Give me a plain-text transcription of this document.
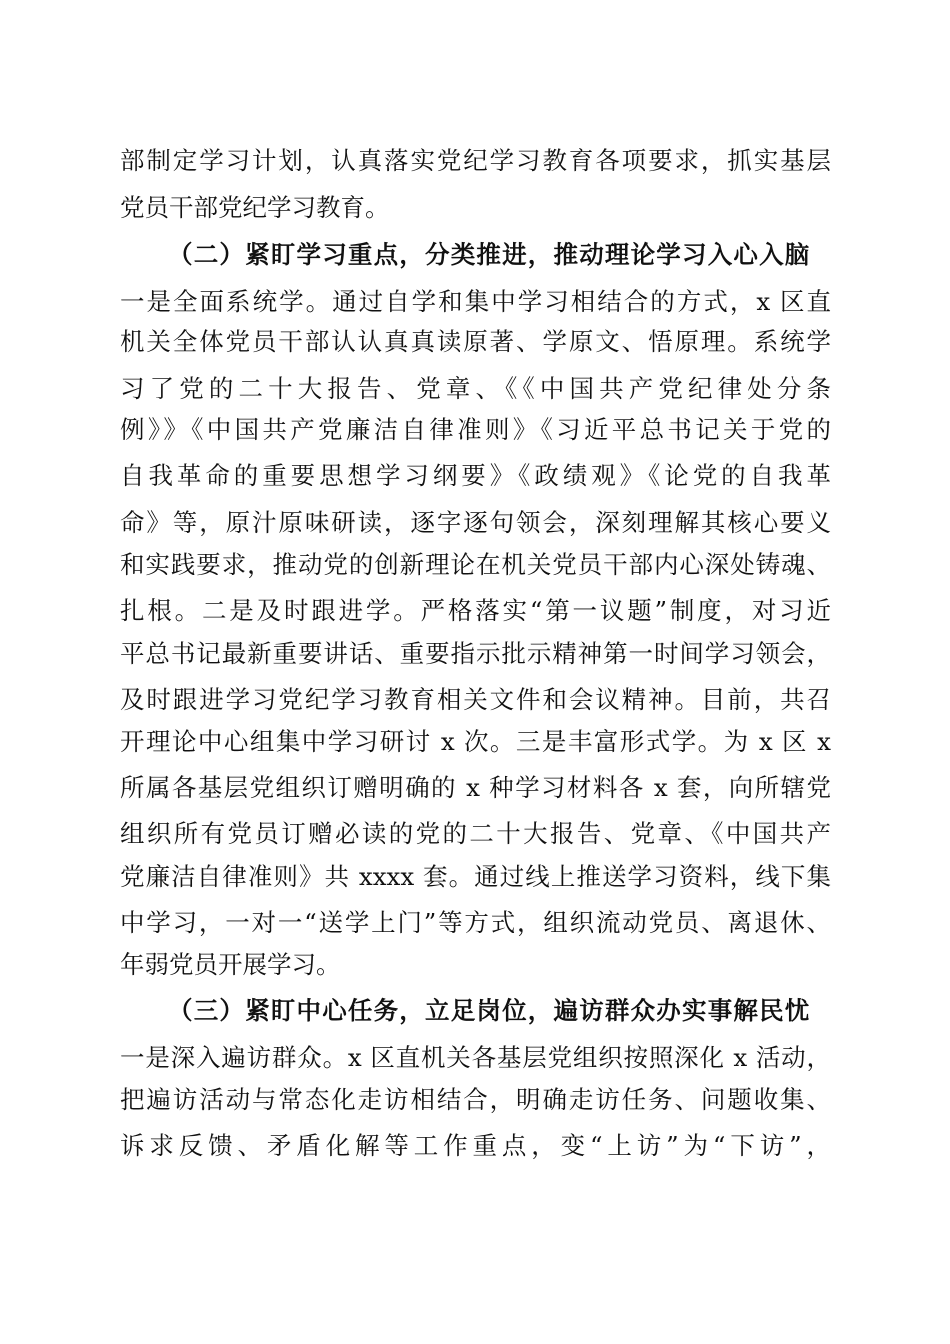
部制定学习计划，认真落实党纪学习教育各项要求，抓实基层
党员干部党纪学习教育。
（二）紧盯学习重点，分类推进，推动理论学习入心入脑
一是全面系统学。通过自学和集中学习相结合的方式，x 区直
机关全体党员干部认认真真读原著、学原文、悟原理。系统学
习了党的二十大报告、党章、《《中国共产党纪律处分条
例》》《中国共产党廉洁自律准则》《习近平总书记关于党的
自我革命的重要思想学习纲要》《政绩观》《论党的自我革
命》等，原汁原味研读，逐字逐句领会，深刻理解其核心要义
和实践要求，推动党的创新理论在机关党员干部内心深处铸魂、
扎根。二是及时跟进学。严格落实“第一议题”制度，对习近
平总书记最新重要讲话、重要指示批示精神第一时间学习领会，
及时跟进学习党纪学习教育相关文件和会议精神。目前，共召
开理论中心组集中学习研讨 x 次。三是丰富形式学。为 x 区 x
所属各基层党组织订赠明确的 x 种学习材料各 x 套，向所辖党
组织所有党员订赠必读的党的二十大报告、党章、《中国共产
党廉洁自律准则》共 xxxx 套。通过线上推送学习资料，线下集
中学习，一对一“送学上门”等方式，组织流动党员、离退休、
年弱党员开展学习。
（三）紧盯中心任务，立足岗位，遍访群众办实事解民忧
一是深入遍访群众。x 区直机关各基层党组织按照深化 x 活动，
把遍访活动与常态化走访相结合，明确走访任务、问题收集、
诉求反馈、矛盾化解等工作重点，变“上访”为“下访”，
